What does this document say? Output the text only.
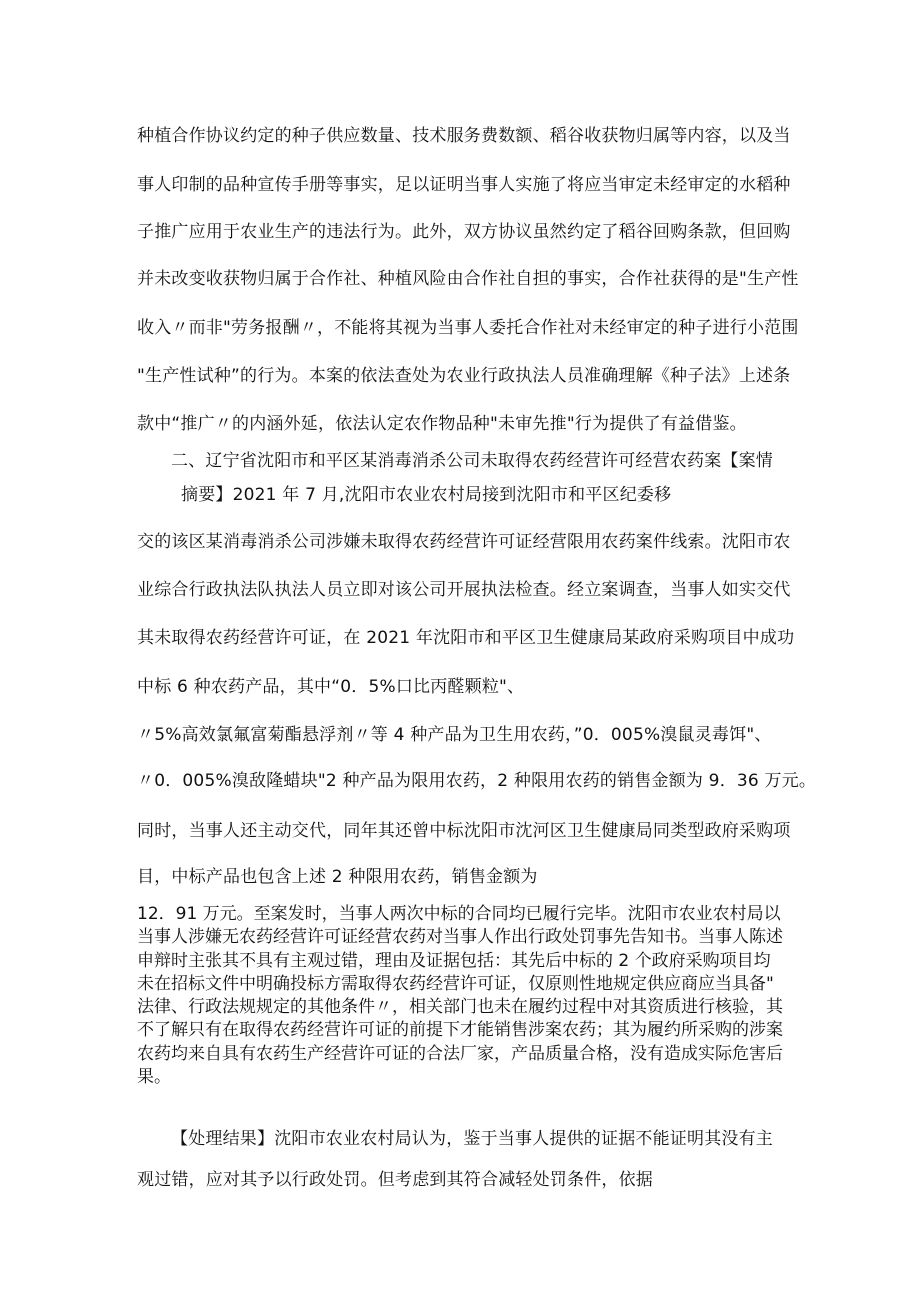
种植合作协议约定的种子供应数量、技术服务费数额、稻谷收获物归属等内容，以及当

事人印制的品种宣传手册等事实，足以证明当事人实施了将应当审定未经审定的水稻种

子推广应用于农业生产的违法行为。此外，双方协议虽然约定了稻谷回购条款，但回购

并未改变收获物归属于合作社、种植风险由合作社自担的事实，合作社获得的是"生产性

收入〃而非"劳务报酬〃，不能将其视为当事人委托合作社对未经审定的种子进行小范围

"生产性试种”的行为。本案的依法查处为农业行政执法人员准确理解《种子法》上述条

款中“推广〃的内涵外延，依法认定农作物品种"未审先推"行为提供了有益借鉴。

二、辽宁省沈阳市和平区某消毒消杀公司未取得农药经营许可经营农药案【案情

摘要】2021 年 7 月,沈阳市农业农村局接到沈阳市和平区纪委移

交的该区某消毒消杀公司涉嫌未取得农药经营许可证经营限用农药案件线索。沈阳市农

业综合行政执法队执法人员立即对该公司开展执法检查。经立案调查，当事人如实交代

其未取得农药经营许可证，在 2021 年沈阳市和平区卫生健康局某政府采购项目中成功

中标 6 种农药产品，其中“0．5%口比丙醛颗粒"、

〃5%高效氯氟富菊酯悬浮剂〃等 4 种产品为卫生用农药，”0．005%溴鼠灵毒饵"、

〃0．005%溴敌隆蜡块"2 种产品为限用农药，2 种限用农药的销售金额为 9．36 万元。

同时，当事人还主动交代，同年其还曾中标沈阳市沈河区卫生健康局同类型政府采购项

目，中标产品也包含上述 2 种限用农药，销售金额为

12．91 万元。至案发时，当事人两次中标的合同均已履行完毕。沈阳市农业农村局以
当事人涉嫌无农药经营许可证经营农药对当事人作出行政处罚事先告知书。当事人陈述
申辩时主张其不具有主观过错，理由及证据包括：其先后中标的 2 个政府采购项目均
未在招标文件中明确投标方需取得农药经营许可证，仅原则性地规定供应商应当具备"
法律、行政法规规定的其他条件〃，相关部门也未在履约过程中对其资质进行核验，其
不了解只有在取得农药经营许可证的前提下才能销售涉案农药；其为履约所采购的涉案
农药均来自具有农药生产经营许可证的合法厂家，产品质量合格，没有造成实际危害后
果。

【处理结果】沈阳市农业农村局认为，鉴于当事人提供的证据不能证明其没有主

观过错，应对其予以行政处罚。但考虑到其符合减轻处罚条件，依据
